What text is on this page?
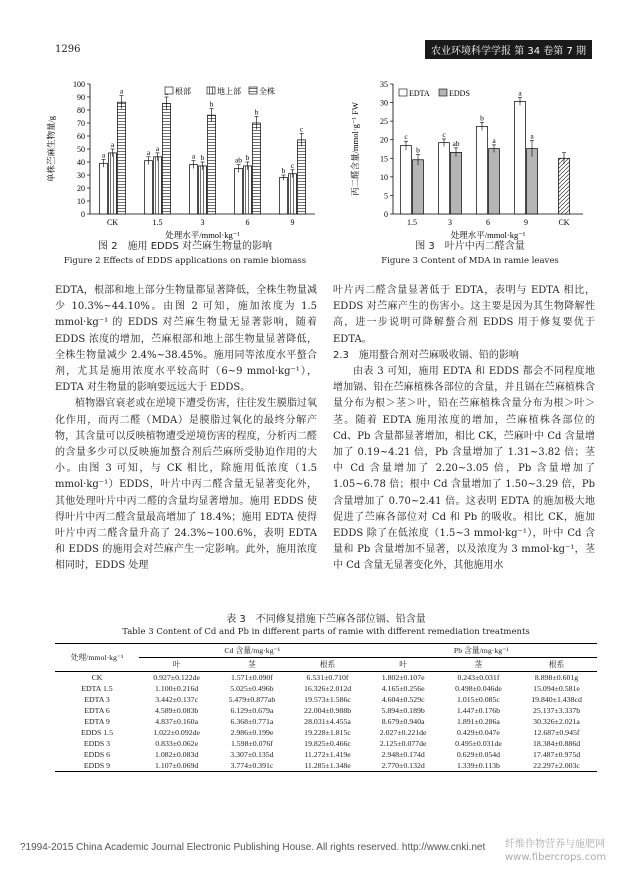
1296	农业环境科学学报 第 34 卷第 7 期
0
10
20
30
40
50
60
70
80
90
100
CK
a
a
a
1.5
a a
3
a b
b
6
ab b
b
9
b
c
c
根部	地上部 全株
处理水平/mmol·kg⁻¹
单株苎麻生物量/g
图 2　施用 EDDS 对苎麻生物量的影响
Figure 2 Effects of EDDS applications on ramie biomass
0
5
10
15
20
25
30
35
1.5
c
b
3
c
ab
6
b
a
9
a
a
CK
EDTA EDDS
处理水平/mmol·kg⁻¹
丙二醛含量/mmol·g⁻¹ FW
图 3　叶片中丙二醛含量
Figure 3 Content of MDA in ramie leaves

EDTA，根部和地上部分生物量都显著降低，全株生物量减少 10.3%~44.10%。由图 2 可知，施加浓度为 1.5 mmol·kg⁻¹ 的 EDDS 对苎麻生物量无显著影响，随着 EDDS 浓度的增加，苎麻根部和地上部生物量显著降低，全株生物量减少 2.4%~38.45%。施用同等浓度水平螯合剂，尤其是施用浓度水平较高时（6~9 mmol·kg⁻¹），EDTA 对生物量的影响要远远大于 EDDS。

植物器官衰老或在逆境下遭受伤害，往往发生膜脂过氧化作用，而丙二醛（MDA）是膜脂过氧化的最终分解产物，其含量可以反映植物遭受逆境伤害的程度，分析丙二醛的含量多少可以反映施加螯合剂后苎麻所受胁迫作用的大小。由图 3 可知，与 CK 相比，除施用低浓度（1.5 mmol·kg⁻¹）EDDS，叶片中丙二醛含量无显著变化外，其他处理叶片中丙二醛的含量均显著增加。施用 EDDS 使得叶片中丙二醛含量最高增加了 18.4%；施用 EDTA 使得叶片中丙二醛含量升高了 24.3%~100.6%，表明 EDTA 和 EDDS 的施用会对苎麻产生一定影响。此外，施用浓度相同时，EDDS 处理

叶片丙二醛含量显著低于 EDTA，表明与 EDTA 相比，EDDS 对苎麻产生的伤害小。这主要是因为其生物降解性高，进一步说明可降解螯合剂 EDDS 用于修复要优于 EDTA。

2.3　施用螯合剂对苎麻吸收镉、铅的影响

由表 3 可知，施用 EDTA 和 EDDS 都会不同程度地增加镉、铅在苎麻植株各部位的含量，并且镉在苎麻植株含量分布为根＞茎＞叶，铅在苎麻植株含量分布为根＞叶＞茎。随着 EDTA 施用浓度的增加，苎麻植株各部位的 Cd、Pb 含量都显著增加，相比 CK，苎麻叶中 Cd 含量增加了 0.19~4.21 倍，Pb 含量增加了 1.31~3.82 倍；茎中 Cd 含量增加了 2.20~3.05 倍，Pb 含量增加了 1.05~6.78 倍；根中 Cd 含量增加了 1.50~3.29 倍，Pb 含量增加了 0.70~2.41 倍。这表明 EDTA 的施加极大地促进了苎麻各部位对 Cd 和 Pb 的吸收。相比 CK，施加 EDDS 除了在低浓度（1.5~3 mmol·kg⁻¹），叶中 Cd 含量和 Pb 含量增加不显著，以及浓度为 3 mmol·kg⁻¹，茎中 Cd 含量无显著变化外，其他施用水

表 3　不同修复措施下苎麻各部位镉、铅含量
Table 3 Content of Cd and Pb in different parts of ramie with different remediation treatments
处理/mmol·kg⁻¹	Cd 含量/mg·kg⁻¹			Pb 含量/mg·kg⁻¹		
	叶	茎	根系	叶	茎	根系
CK	0.927±0.122de	1.571±0.090f	6.531±0.710f	1.802±0.107e	0.243±0.031f	8.898±0.601g
EDTA 1.5	1.100±0.216d	5.025±0.496b	16.326±2.012d	4.165±0.256e	0.498±0.046de	15.094±0.581e
EDTA 3	3.442±0.137c	5.479±0.877ab	19.573±1.586c	4.604±0.529c	1.015±0.085c	19.840±1.438cd
EDTA 6	4.589±0.083b	6.129±0.679a	22.004±0.988b	5.894±0.189b	1.447±0.176b	25.137±3.337b
EDTA 9	4.837±0.160a	6.368±0.771a	28.031±4.455a	8.679±0.940a	1.891±0.286a	30.326±2.021a
EDDS 1.5	1.022±0.092de	2.986±0.199e	19.228±1.815c	2.027±0.221de	0.429±0.047e	12.687±0.945f
EDDS 3	0.833±0.062e	1.598±0.076f	19.825±0.466c	2.125±0.077de	0.495±0.031de	18.384±0.886d
EDDS 6	1.082±0.083d	3.307±0.135d	11.272±1.419e	2.948±0.174d	0.629±0.054d	17.487±0.975d
EDDS 9	1.107±0.069d	3.774±0.391c	11.285±1.348e	2.770±0.132d	1.339±0.113b	22.297±2.003c
?1994-2015 China Academic Journal Electronic Publishing House. All rights reserved. http://www.cnki.net 纤维作物营养与施肥网
www.fibercrops.com
